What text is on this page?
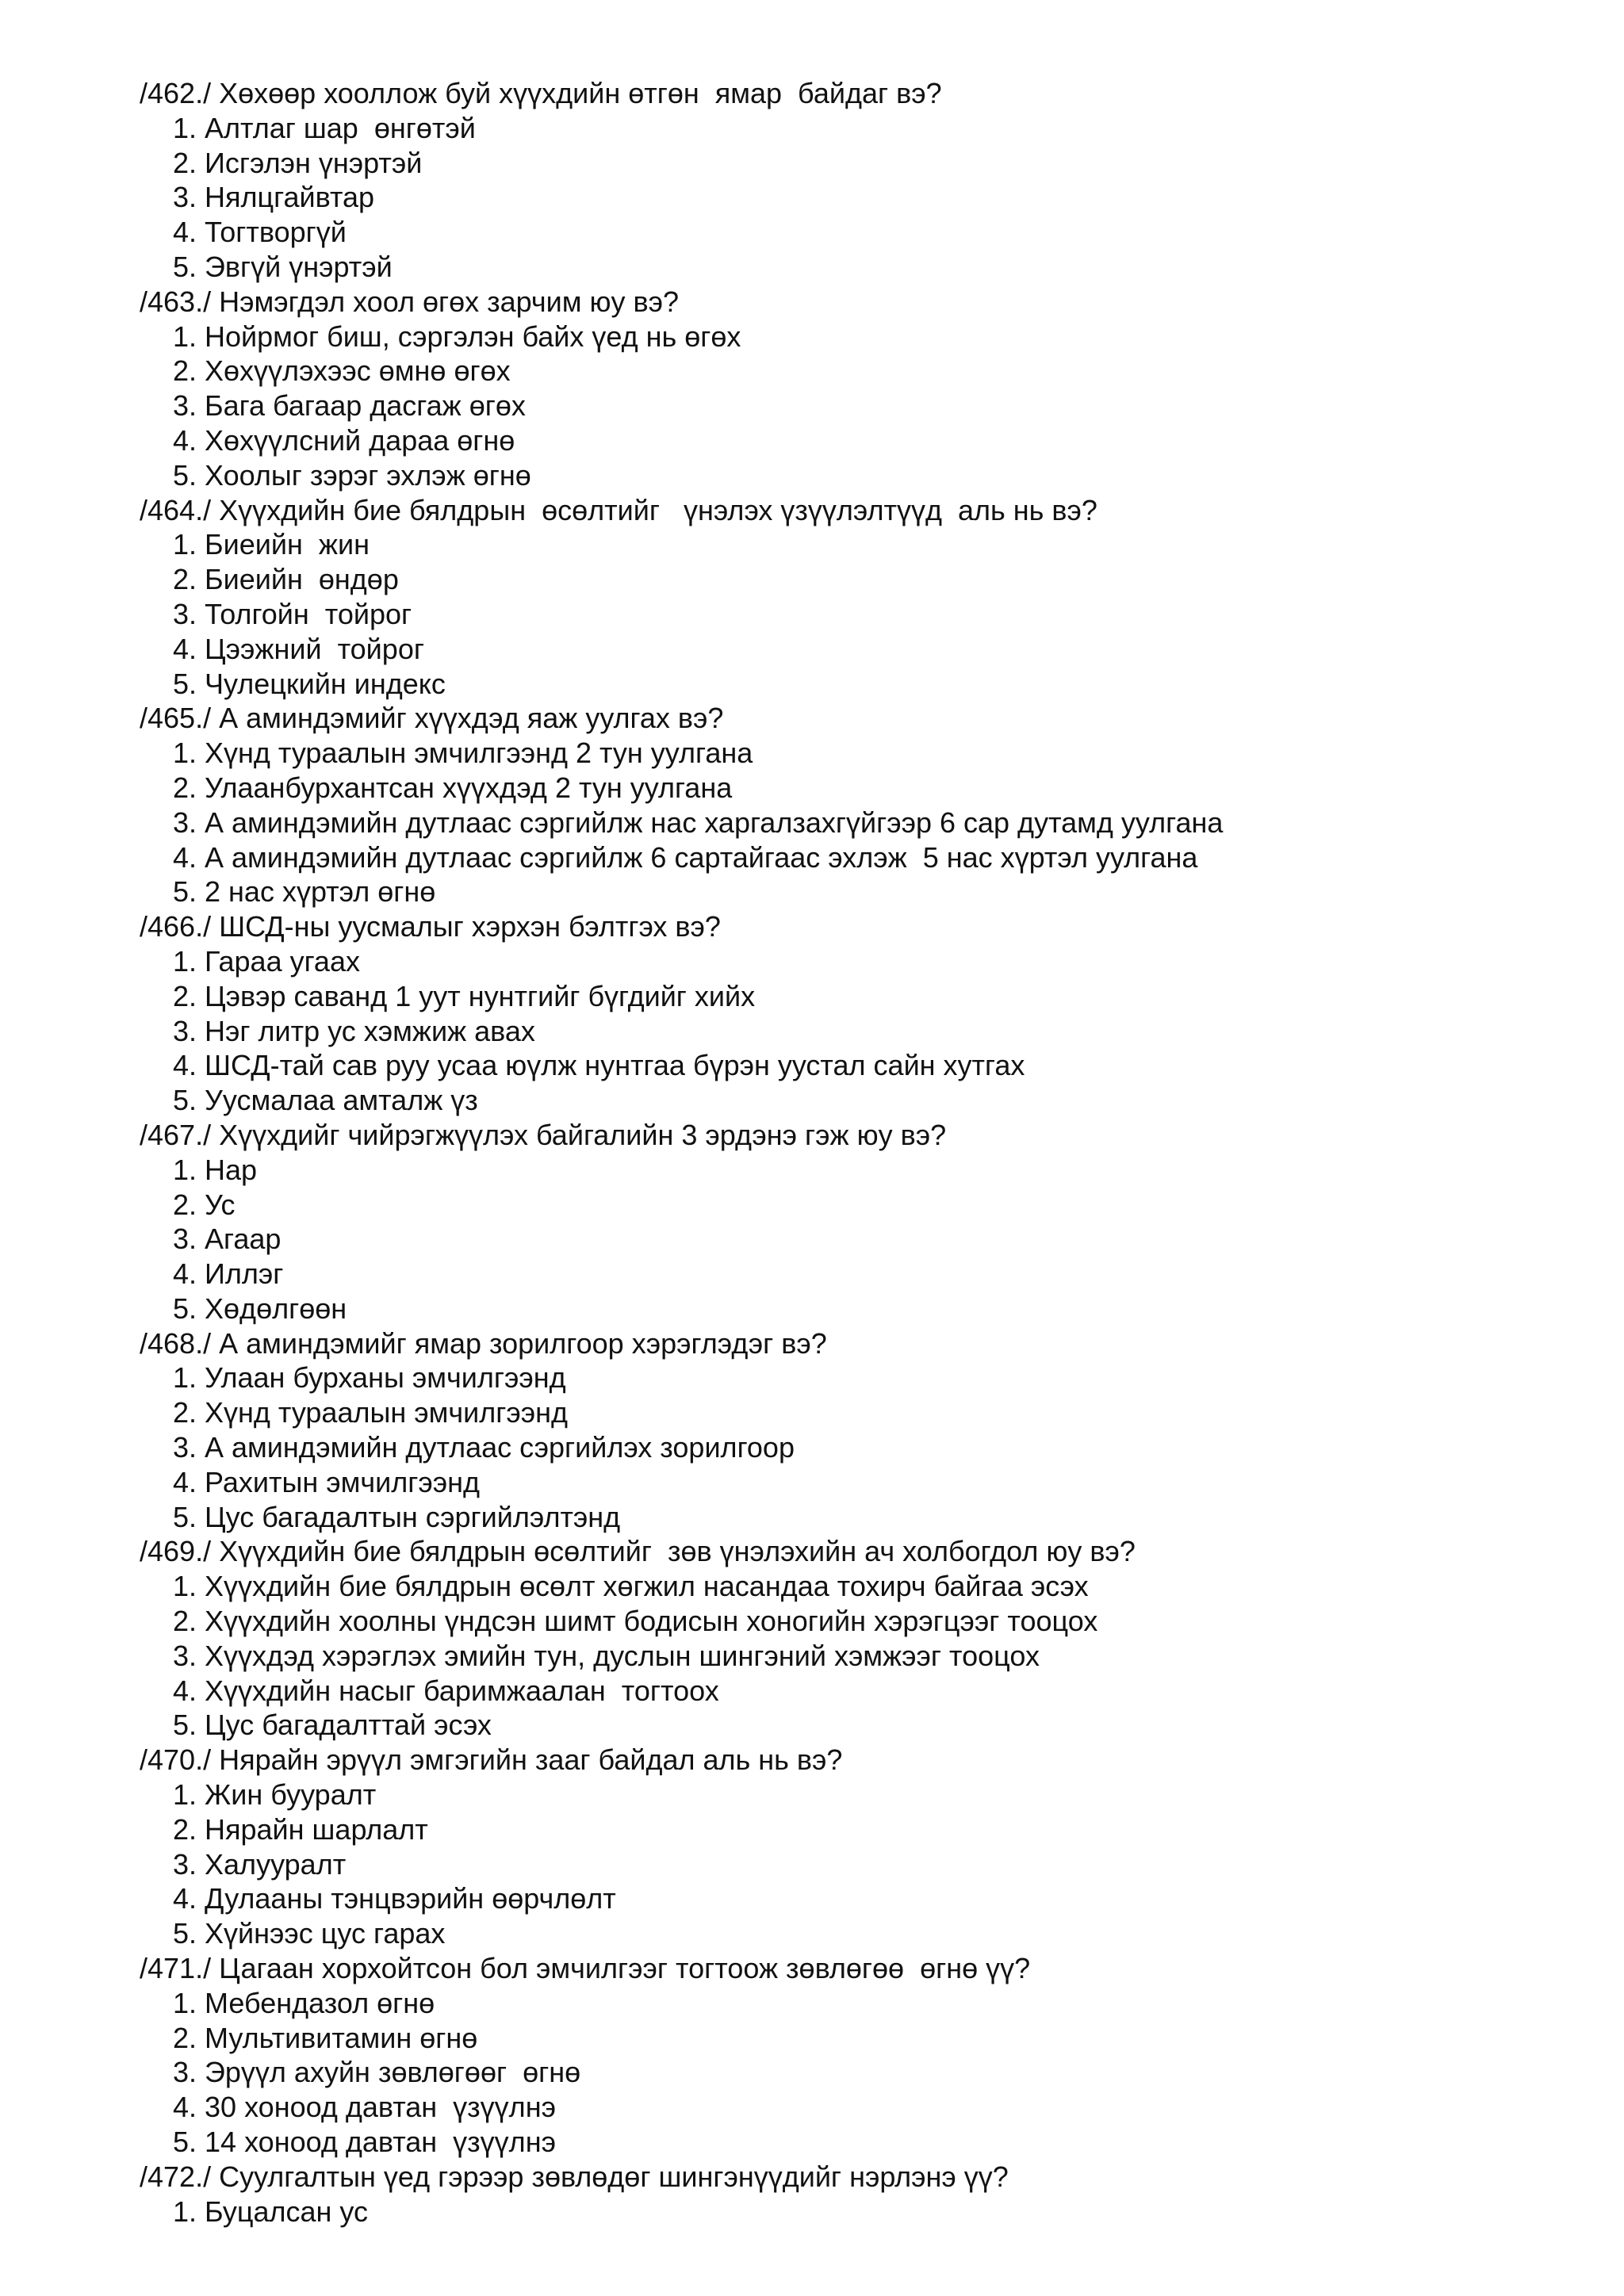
/462./ Хөхөөр хооллож буй хүүхдийн өтгөн  ямар  байдаг вэ?
1. Алтлаг шар  өнгөтэй
2. Исгэлэн үнэртэй
3. Нялцгайвтар
4. Тогтворгүй
5. Эвгүй үнэртэй
/463./ Нэмэгдэл хоол өгөх зарчим юу вэ?
1. Нойрмог биш, сэргэлэн байх үед нь өгөх
2. Хөхүүлэхээс өмнө өгөх
3. Бага багаар дасгаж өгөх
4. Хөхүүлсний дараа өгнө
5. Хоолыг зэрэг эхлэж өгнө
/464./ Хүүхдийн бие бялдрын  өсөлтийг   үнэлэх үзүүлэлтүүд  аль нь вэ?
1. Биеийн  жин
2. Биеийн  өндөр
3. Толгойн  тойрог
4. Цээжний  тойрог
5. Чулецкийн индекс
/465./ А аминдэмийг хүүхдэд яаж уулгах вэ?
1. Хүнд тураалын эмчилгээнд 2 тун уулгана
2. Улаанбурхантсан хүүхдэд 2 тун уулгана
3. А аминдэмийн дутлаас сэргийлж нас харгалзахгүйгээр 6 сар дутамд уулгана
4. А аминдэмийн дутлаас сэргийлж 6 сартайгаас эхлэж  5 нас хүртэл уулгана
5. 2 нас хүртэл өгнө
/466./ ШСД-ны уусмалыг хэрхэн бэлтгэх вэ?
1. Гараа угаах
2. Цэвэр саванд 1 уут нунтгийг бүгдийг хийх
3. Нэг литр ус хэмжиж авах
4. ШСД-тай сав руу усаа юүлж нунтгаа бүрэн уустал сайн хутгах
5. Уусмалаа амталж үз
/467./ Хүүхдийг чийрэгжүүлэх байгалийн 3 эрдэнэ гэж юу вэ?
1. Нар
2. Ус
3. Агаар
4. Иллэг
5. Хөдөлгөөн
/468./ А аминдэмийг ямар зорилгоор хэрэглэдэг вэ?
1. Улаан бурханы эмчилгээнд
2. Хүнд тураалын эмчилгээнд
3. А аминдэмийн дутлаас сэргийлэх зорилгоор
4. Рахитын эмчилгээнд
5. Цус багадалтын сэргийлэлтэнд
/469./ Хүүхдийн бие бялдрын өсөлтийг  зөв үнэлэхийн ач холбогдол юу вэ?
1. Хүүхдийн бие бялдрын өсөлт хөгжил насандаа тохирч байгаа эсэх
2. Хүүхдийн хоолны үндсэн шимт бодисын хоногийн хэрэгцээг тооцох
3. Хүүхдэд хэрэглэх эмийн тун, дуслын шингэний хэмжээг тооцох
4. Хүүхдийн насыг баримжаалан  тогтоох
5. Цус багадалттай эсэх
/470./ Нярайн эрүүл эмгэгийн зааг байдал аль нь вэ?
1. Жин бууралт
2. Нярайн шарлалт
3. Халууралт
4. Дулааны тэнцвэрийн өөрчлөлт
5. Хүйнээс цус гарах
/471./ Цагаан хорхойтсон бол эмчилгээг тогтоож зөвлөгөө  өгнө үү?
1. Мебендазол өгнө
2. Мультивитамин өгнө
3. Эрүүл ахуйн зөвлөгөөг  өгнө
4. 30 хоноод давтан  үзүүлнэ
5. 14 хоноод давтан  үзүүлнэ
/472./ Суулгалтын үед гэрээр зөвлөдөг шингэнүүдийг нэрлэнэ үү?
1. Буцалсан ус
